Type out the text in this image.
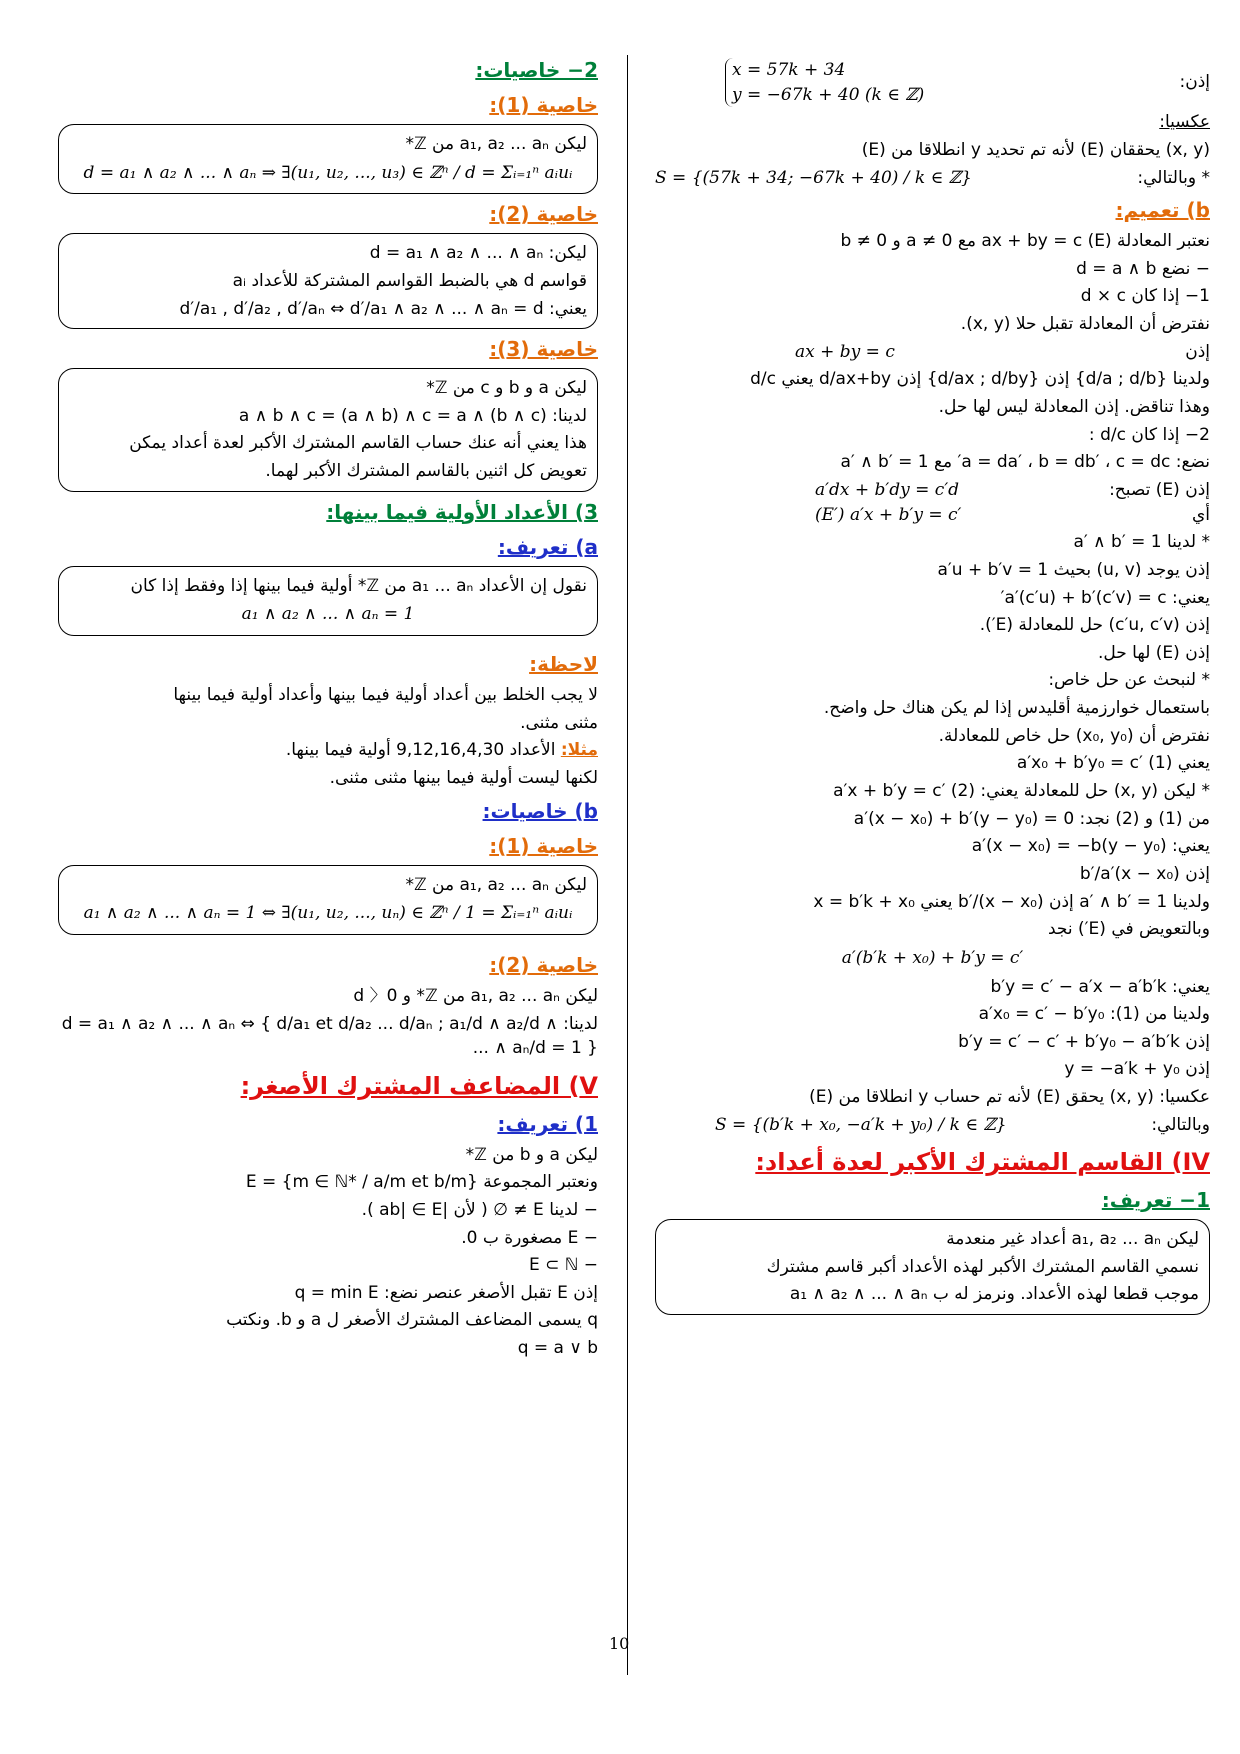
إذن:
x = 57k + 34
y = −67k + 40 (k ∈ ℤ)

عكسيا:

(x, y) يحققان (E) لأنه تم تحديد y انطلاقا من (E)

* وبالتالي:
S = {(57k + 34; −67k + 40) / k ∈ ℤ}
b) تعميم:

نعتبر المعادلة (E) ax + by = c مع a ≠ 0 و b ≠ 0

− نضع d = a ∧ b

1− إذا كان d × c

نفترض أن المعادلة تقبل حلا (x, y).

إذن
ax + by = c

ولدينا {d/a ; d/b} إذن {d/ax ; d/by} إذن d/ax+by يعني d/c

وهذا تناقض. إذن المعادلة ليس لها حل.

2− إذا كان d/c :

نضع: a = da′ ، b = db′ ، c = dc′ مع a′ ∧ b′ = 1

إذن (E) تصبح:
a′dx + b′dy = c′d
أي
(E′) a′x + b′y = c′

* لدينا a′ ∧ b′ = 1

إذن يوجد (u, v) بحيث a′u + b′v = 1

يعني: a′(c′u) + b′(c′v) = c′

إذن (c′u, c′v) حل للمعادلة (E′).

إذن (E) لها حل.

* لنبحث عن حل خاص:

باستعمال خوارزمية أقليدس إذا لم يكن هناك حل واضح.

نفترض أن (x₀, y₀) حل خاص للمعادلة.

يعني a′x₀ + b′y₀ = c′ (1)

* ليكن (x, y) حل للمعادلة يعني: a′x + b′y = c′ (2)

من (1) و (2) نجد: a′(x − x₀) + b′(y − y₀) = 0

يعني: a′(x − x₀) = −b(y − y₀)

إذن b′/a′(x − x₀)

ولدينا a′ ∧ b′ = 1 إذن b′/(x − x₀) يعني x = b′k + x₀

وبالتعويض في (E′) نجد

a′(b′k + x₀) + b′y = c′

يعني: b′y = c′ − a′x − a′b′k

ولدينا من (1): a′x₀ = c′ − b′y₀

إذن b′y = c′ − c′ + b′y₀ − a′b′k

إذن y = −a′k + y₀

عكسيا: (x, y) يحقق (E) لأنه تم حساب y انطلاقا من (E)

وبالتالي:
S = {(b′k + x₀, −a′k + y₀) / k ∈ ℤ}
IV) القاسم المشترك الأكبر لعدة أعداد:
1− تعريف:

ليكن a₁, a₂ ... aₙ أعداد غير منعدمة

نسمي القاسم المشترك الأكبر لهذه الأعداد أكبر قاسم مشترك

موجب قطعا لهذه الأعداد. ونرمز له ب a₁ ∧ a₂ ∧ ... ∧ aₙ

2− خاصيات:
خاصية (1):

ليكن a₁, a₂ ... aₙ من ℤ*

d = a₁ ∧ a₂ ∧ ... ∧ aₙ ⇒ ∃(u₁, u₂, ..., u₃) ∈ ℤⁿ / d = Σᵢ₌₁ⁿ aᵢuᵢ

خاصية (2):

ليكن: d = a₁ ∧ a₂ ∧ ... ∧ aₙ

قواسم d هي بالضبط القواسم المشتركة للأعداد aᵢ

يعني: d′/a₁ , d′/a₂ , d′/aₙ ⇔ d′/a₁ ∧ a₂ ∧ ... ∧ aₙ = d

خاصية (3):

ليكن a و b و c من ℤ*

لدينا: a ∧ b ∧ c = (a ∧ b) ∧ c = a ∧ (b ∧ c)

هذا يعني أنه عنك حساب القاسم المشترك الأكبر لعدة أعداد يمكن

تعويض كل اثنين بالقاسم المشترك الأكبر لهما.

3) الأعداد الأولية فيما بينها:
a) تعريف:

نقول إن الأعداد a₁ ... aₙ من ℤ* أولية فيما بينها إذا وفقط إذا كان

a₁ ∧ a₂ ∧ ... ∧ aₙ = 1

لاحظة:

لا يجب الخلط بين أعداد أولية فيما بينها وأعداد أولية فيما بينها

مثنى مثنى.

مثلا: الأعداد 9,12,16,4,30 أولية فيما بينها.

لكنها ليست أولية فيما بينها مثنى مثنى.

b) خاصيات:
خاصية (1):

ليكن a₁, a₂ ... aₙ من ℤ*

a₁ ∧ a₂ ∧ ... ∧ aₙ = 1 ⇔ ∃(u₁, u₂, ..., uₙ) ∈ ℤⁿ / 1 = Σᵢ₌₁ⁿ aᵢuᵢ

خاصية (2):

ليكن a₁, a₂ ... aₙ من ℤ* و d 〉0

لدينا: d = a₁ ∧ a₂ ∧ ... ∧ aₙ ⇔ { d/a₁ et d/a₂ ... d/aₙ ; a₁/d ∧ a₂/d ∧ ... ∧ aₙ/d = 1 }

V) المضاعف المشترك الأصغر:
1) تعريف:

ليكن a و b من ℤ*

ونعتبر المجموعة E = {m ∈ ℕ* / a/m et b/m}

− لدينا E ≠ ∅ ( لأن |ab| ∈ E ).

− E مصغورة ب 0.

− E ⊂ ℕ

إذن E تقبل الأصغر عنصر نضع: q = min E

q يسمى المضاعف المشترك الأصغر ل a و b. ونكتب

q = a ∨ b

10
